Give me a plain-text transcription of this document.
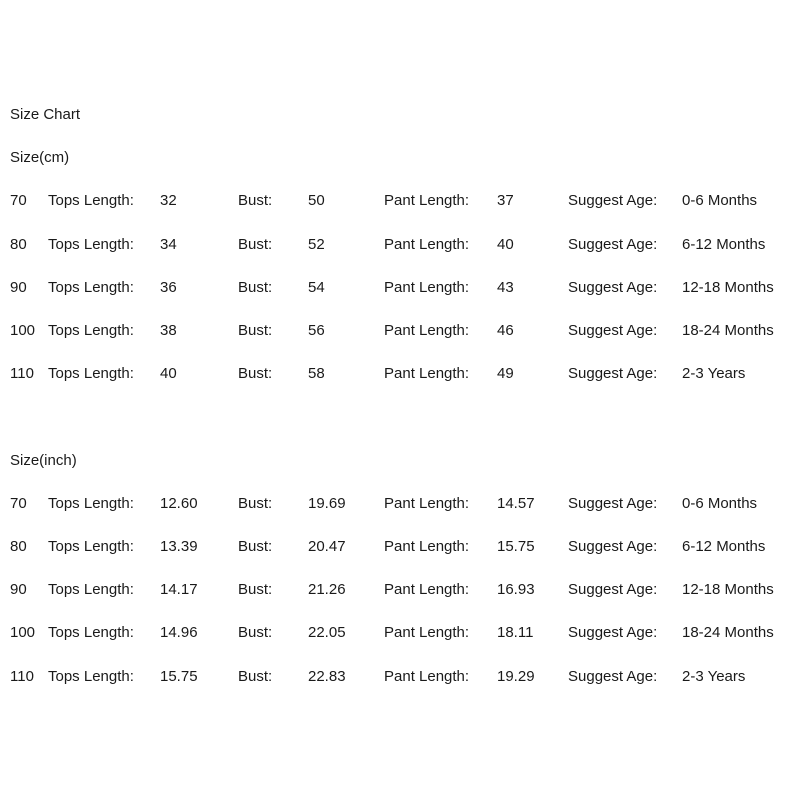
Size Chart
Size(cm)
70	Tops Length:	32	Bust:	50	Pant Length:	37	Suggest Age:	0-6 Months
80	Tops Length:	34	Bust:	52	Pant Length:	40	Suggest Age:	6-12 Months
90	Tops Length:	36	Bust:	54	Pant Length:	43	Suggest Age:	12-18 Months
100 Tops Length:	38	Bust:	56	Pant Length:	46	Suggest Age:	18-24 Months
110 Tops Length:	40	Bust:	58	Pant Length:	49	Suggest Age:	2-3 Years
Size(inch)
70	Tops Length:	12.60	Bust:	19.69	Pant Length:	14.57	Suggest Age:	0-6 Months
80	Tops Length:	13.39	Bust:	20.47	Pant Length:	15.75	Suggest Age:	6-12 Months
90	Tops Length:	14.17	Bust:	21.26	Pant Length:	16.93	Suggest Age:	12-18 Months
100 Tops Length:	14.96	Bust:	22.05	Pant Length:	18.11	Suggest Age:	18-24 Months
110 Tops Length:	15.75	Bust:	22.83	Pant Length:	19.29	Suggest Age:	2-3 Years
